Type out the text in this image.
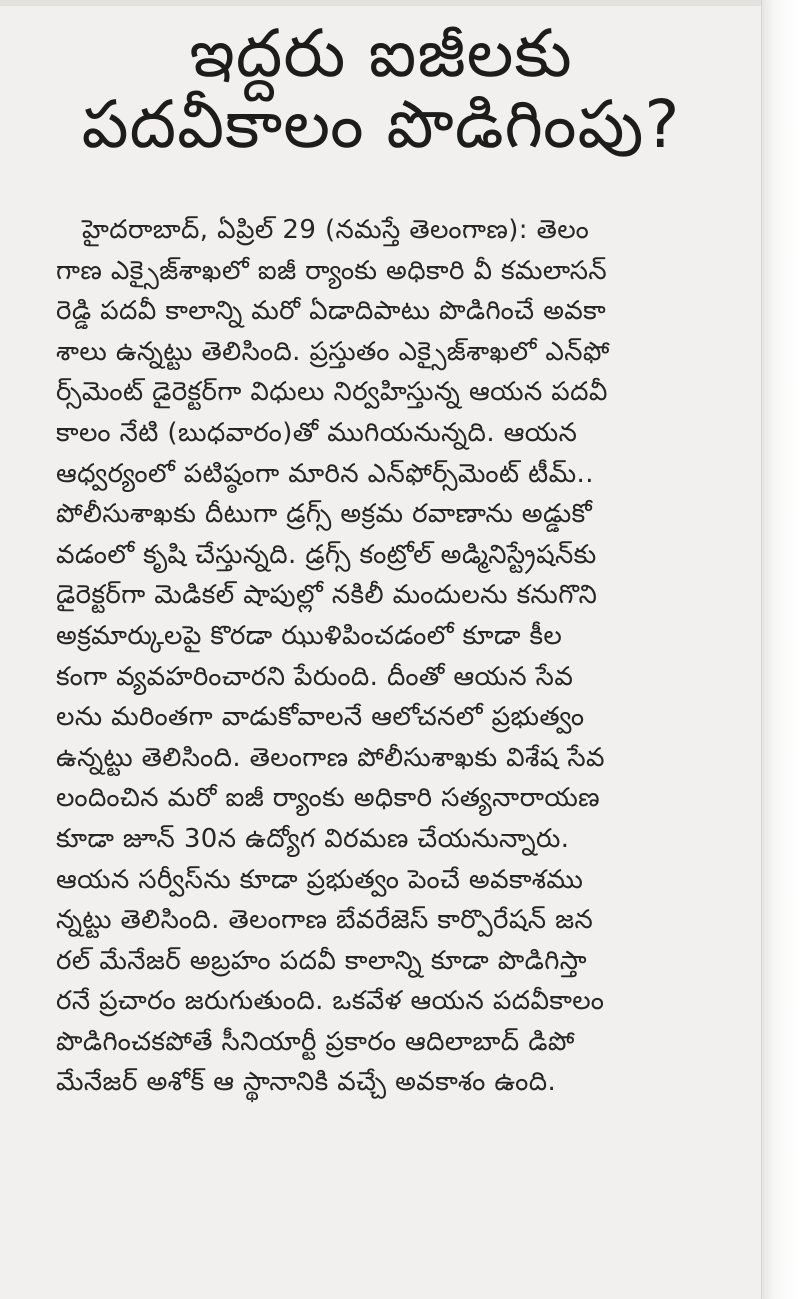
ఇద్దరు ఐజీలకు
పదవీకాలం పొడిగింపు?
హైదరాబాద్, ఏప్రిల్ 29 (నమస్తే తెలంగాణ): తెలం
గాణ ఎక్సైజ్‌శాఖలో ఐజీ ర్యాంకు అధికారి వీ కమలాసన్
రెడ్డి పదవీ కాలాన్ని మరో ఏడాదిపాటు పొడిగించే అవకా
శాలు ఉన్నట్టు తెలిసింది. ప్రస్తుతం ఎక్సైజ్‌శాఖలో ఎన్‌ఫో
ర్స్‌మెంట్ డైరెక్టర్‌గా విధులు నిర్వహిస్తున్న ఆయన పదవీ
కాలం నేటి (బుధవారం)తో ముగియనున్నది. ఆయన
ఆధ్వర్యంలో పటిష్ఠంగా మారిన ఎన్‌ఫోర్స్‌మెంట్ టీమ్..
పోలీసుశాఖకు దీటుగా డ్రగ్స్ అక్రమ రవాణాను అడ్డుకో
వడంలో కృషి చేస్తున్నది. డ్రగ్స్ కంట్రోల్ అడ్మినిస్ట్రేషన్‌కు
డైరెక్టర్‌గా మెడికల్ షాపుల్లో నకిలీ మందులను కనుగొని
అక్రమార్కులపై కొరడా ఝుళిపించడంలో కూడా కీల
కంగా వ్యవహరించారని పేరుంది. దీంతో ఆయన సేవ
లను మరింతగా వాడుకోవాలనే ఆలోచనలో ప్రభుత్వం
ఉన్నట్టు తెలిసింది. తెలంగాణ పోలీసుశాఖకు విశేష సేవ
లందించిన మరో ఐజీ ర్యాంకు అధికారి సత్యనారాయణ
కూడా జూన్ 30న ఉద్యోగ విరమణ చేయనున్నారు.
ఆయన సర్వీస్‌ను కూడా ప్రభుత్వం పెంచే అవకాశము
న్నట్టు తెలిసింది. తెలంగాణ బేవరేజెస్ కార్పొరేషన్ జన
రల్ మేనేజర్ అబ్రహం పదవీ కాలాన్ని కూడా పొడిగిస్తా
రనే ప్రచారం జరుగుతుంది. ఒకవేళ ఆయన పదవీకాలం
పొడిగించకపోతే సీనియార్టీ ప్రకారం ఆదిలాబాద్ డిపో
మేనేజర్ అశోక్ ఆ స్థానానికి వచ్చే అవకాశం ఉంది.
